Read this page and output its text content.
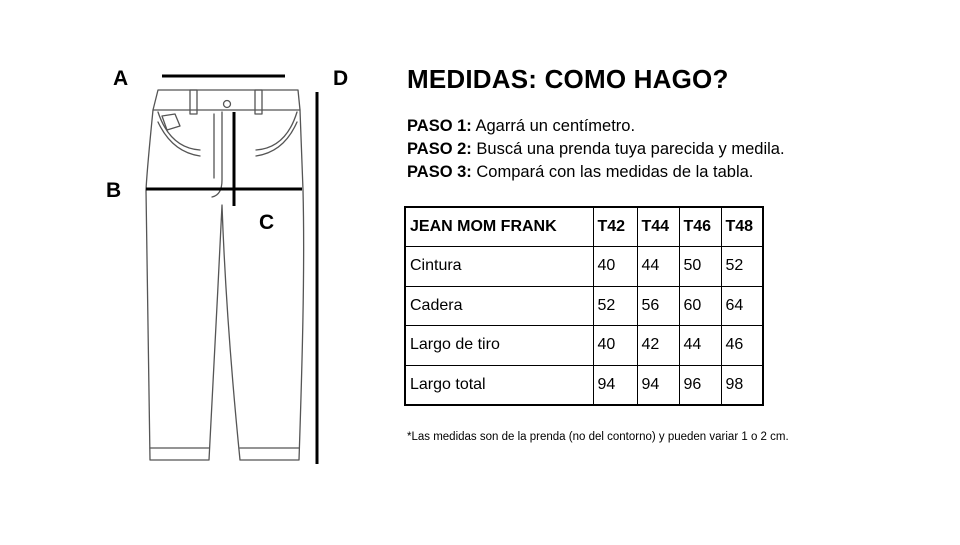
A
B
C
D MEDIDAS: COMO HAGO?
PASO 1: Agarrá un centímetro.
PASO 2: Buscá una prenda tuya parecida y medila.
PASO 3: Compará con las medidas de la tabla.
JEAN MOM FRANK	T42	T44	T46	T48
Cintura	40	44	50	52
Cadera	52	56	60	64
Largo de tiro	40	42	44	46
Largo total	94	94	96	98
*Las medidas son de la prenda (no del contorno) y pueden variar 1 o 2 cm.
